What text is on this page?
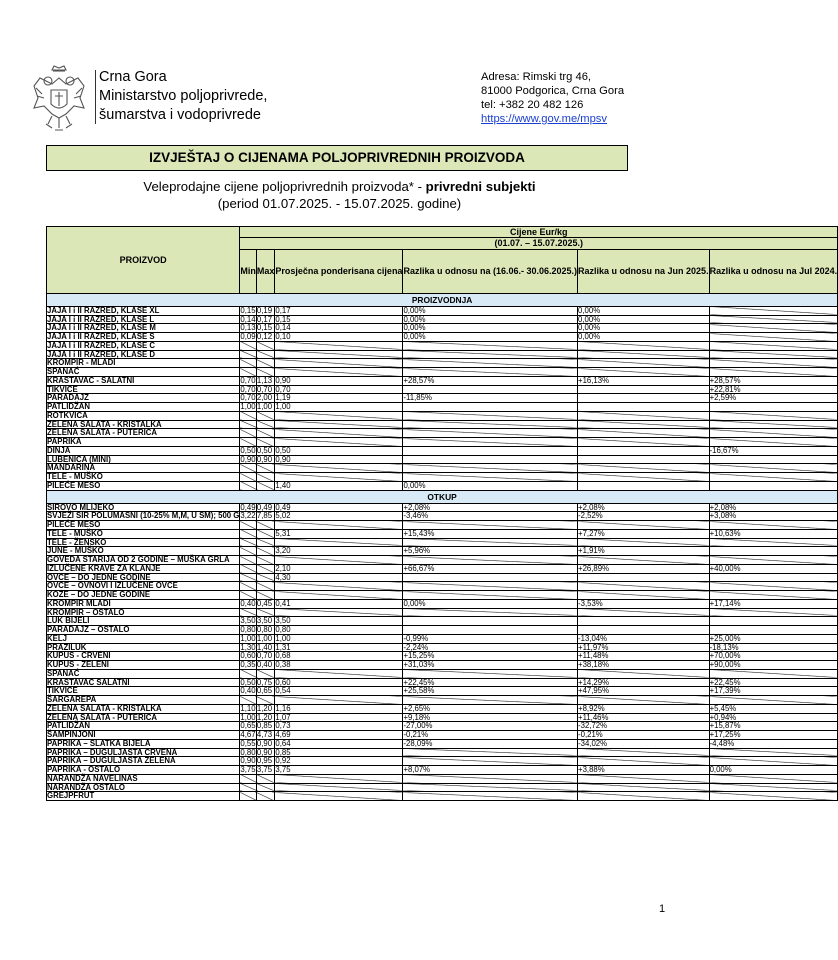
Crna Gora
Ministarstvo poljoprivrede,
šumarstva i vodoprivrede
Adresa: Rimski trg 46,
81000 Podgorica, Crna Gora
tel: +382 20 482 126
https://www.gov.me/mpsv
IZVJEŠTAJ O CIJENAMA POLJOPRIVREDNIH PROIZVODA
Veleprodajne cijene poljoprivrednih proizvoda* - privredni subjekti
(period 01.07.2025. - 15.07.2025. godine)
PROIZVOD	Cijene Eur/kg					
	(01.07. – 15.07.2025.)					
	Min	Max	Prosječna ponderisana cijena	Razlika u odnosu na (16.06.- 30.06.2025.)	Razlika u odnosu na Jun 2025.	Razlika u odnosu na Jul 2024.
PROIZVODNJA						
JAJA I i II RAZRED, KLASE XL	0,15	0,19	0,17	0,00%	0,00%	
JAJA I i II RAZRED, KLASE L	0,14	0,17	0,15	0,00%	0,00%	
JAJA I i II RAZRED, KLASE M	0,13	0,15	0,14	0,00%	0,00%	
JAJA I i II RAZRED, KLASE S	0,09	0,12	0,10	0,00%	0,00%	
JAJA I i II RAZRED, KLASE C						
JAJA I i II RAZRED, KLASE D						
KROMPIR - MLADI						
SPANAĆ						
KRASTAVAC - SALATNI	0,70	1,13	0,90	+28,57%	+16,13%	+28,57%
TIKVICE	0,70	0,70	0,70			+22,81%
PARADAJZ	0,70	2,00	1,19	-11,85%		+2,59%
PATLIDŽAN	1,00	1,00	1,00			
ROTKVICA						
ZELENA SALATA - KRISTALKA						
ZELENA SALATA - PUTERICA						
PAPRIKA						
DINJA	0,50	0,50	0,50			-16,67%
LUBENICA (MINI)	0,90	0,90	0,90			
MANDARINA						
TELE - MUŠKO						
PILEĆE MESO			1,40	0,00%		
OTKUP						
SIROVO MLIJEKO	0,49	0,49	0,49	+2,08%	+2,08%	+2,08%
SVJEŽI SIR POLUMASNI (10-25% M,M, U SM); 500 G	3,22	7,85	5,02	-3,46%	-2,52%	+3,08%
PILEĆE MESO						
TELE - MUŠKO			5,31	+15,43%	+7,27%	+10,63%
TELE - ŽENSKO						
JUNE - MUŠKO			3,20	+5,96%	+1,91%	
GOVEDA STARIJA OD 2 GODINE – MUŠKA GRLA						
IZLUČENE KRAVE ZA KLANJE			2,10	+66,67%	+26,89%	+40,00%
OVCE – DO JEDNE GODINE			4,30			
OVCE – OVNOVI I IZLUČENE OVCE						
KOZE – DO JEDNE GODINE						
KROMPIR MLADI	0,40	0,45	0,41	0,00%	-3,53%	+17,14%
KROMPIR – OSTALO						
LUK BIJELI	3,50	3,50	3,50			
PARADAJZ – OSTALO	0,80	0,80	0,80			
KELJ	1,00	1,00	1,00	-0,99%	-13,04%	+25,00%
PRAZILUK	1,30	1,40	1,31	-2,24%	+11,97%	-18,13%
KUPUS - CRVENI	0,60	0,70	0,68	+15,25%	+11,48%	+70,00%
KUPUS - ZELENI	0,35	0,40	0,38	+31,03%	+38,18%	+90,00%
SPANAĆ						
KRASTAVAC SALATNI	0,50	0,75	0,60	+22,45%	+14,29%	+22,45%
TIKVICE	0,40	0,65	0,54	+25,58%	+47,95%	+17,39%
ŠARGAREPA						
ZELENA SALATA - KRISTALKA	1,10	1,20	1,16	+2,65%	+8,92%	+5,45%
ZELENA SALATA - PUTERICA	1,00	1,20	1,07	+9,18%	+11,46%	+0,94%
PATLIDŽAN	0,65	0,85	0,73	-27,00%	-32,72%	+15,87%
ŠAMPINJONI	4,67	4,73	4,69	-0,21%	-0,21%	+17,25%
PAPRIKA – SLATKA BIJELA	0,55	0,90	0,64	-28,09%	-34,02%	-4,48%
PAPRIKA – DUGULJASTA CRVENA	0,80	0,90	0,85			
PAPRIKA – DUGULJASTA ZELENA	0,90	0,95	0,92			
PAPRIKA - OSTALO	3,75	3,75	3,75	+8,07%	+3,88%	0,00%
NARANDŽA NAVELINAS						
NARANDŽA OSTALO						
GREJPFRUT						
1
